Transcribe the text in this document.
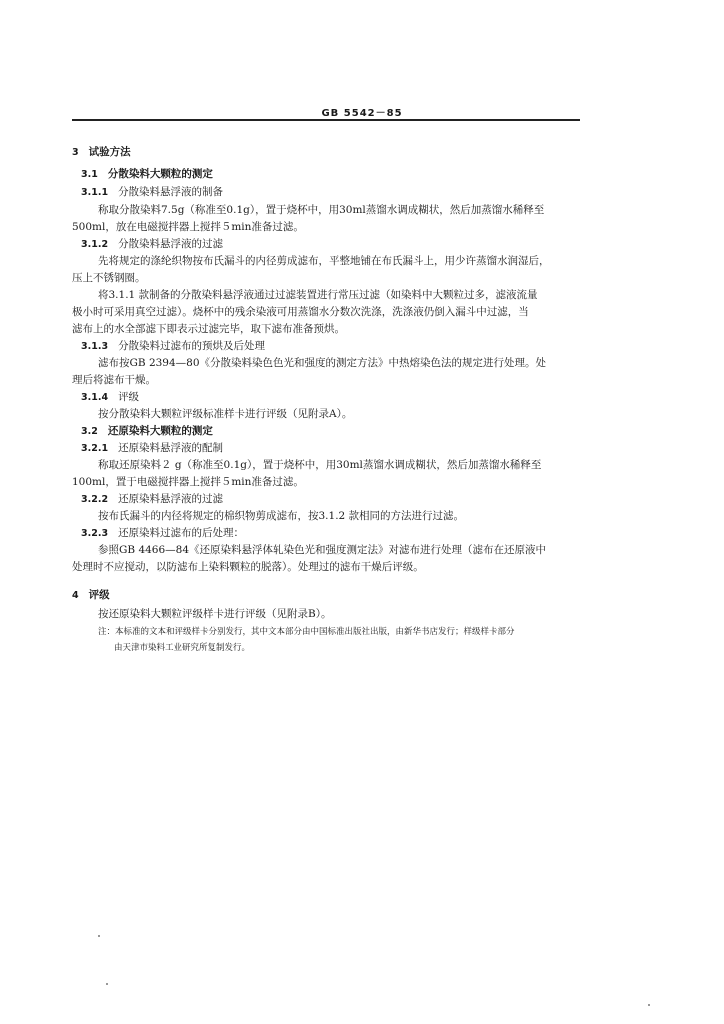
GB 5542－85
3 试验方法
3.1 分散染料大颗粒的测定
3.1.1 分散染料悬浮液的制备
称取分散染料7.5g（称准至0.1g），置于烧杯中，用30ml蒸馏水调成糊状，然后加蒸馏水稀释至
500ml，放在电磁搅拌器上搅拌５min准备过滤。
3.1.2 分散染料悬浮液的过滤
先将规定的涤纶织物按布氏漏斗的内径剪成滤布，平整地铺在布氏漏斗上，用少许蒸馏水润湿后，
压上不锈钢圈。
将3.1.1 款制备的分散染料悬浮液通过过滤装置进行常压过滤（如染料中大颗粒过多，滤液流量
极小时可采用真空过滤）。烧杯中的残余染液可用蒸馏水分数次洗涤，洗涤液仍倒入漏斗中过滤，当
滤布上的水全部滤下即表示过滤完毕，取下滤布准备预烘。
3.1.3 分散染料过滤布的预烘及后处理
滤布按GB 2394—80《分散染料染色色光和强度的测定方法》中热熔染色法的规定进行处理。处
理后将滤布干燥。
3.1.4 评级
按分散染料大颗粒评级标准样卡进行评级（见附录A）。
3.2 还原染料大颗粒的测定
3.2.1 还原染料悬浮液的配制
称取还原染料２ g（称准至0.1g），置于烧杯中，用30ml蒸馏水调成糊状，然后加蒸馏水稀释至
100ml，置于电磁搅拌器上搅拌５min准备过滤。
3.2.2 还原染料悬浮液的过滤
按布氏漏斗的内径将规定的棉织物剪成滤布，按3.1.2 款相同的方法进行过滤。
3.2.3 还原染料过滤布的后处理：
参照GB 4466—84《还原染料悬浮体轧染色光和强度测定法》对滤布进行处理（滤布在还原液中
处理时不应搅动，以防滤布上染料颗粒的脱落）。处理过的滤布干燥后评级。
4 评级
按还原染料大颗粒评级样卡进行评级（见附录B）。
注：本标准的文本和评级样卡分别发行，其中文本部分由中国标准出版社出版，由新华书店发行；样级样卡部分
由天津市染料工业研究所复制发行。
